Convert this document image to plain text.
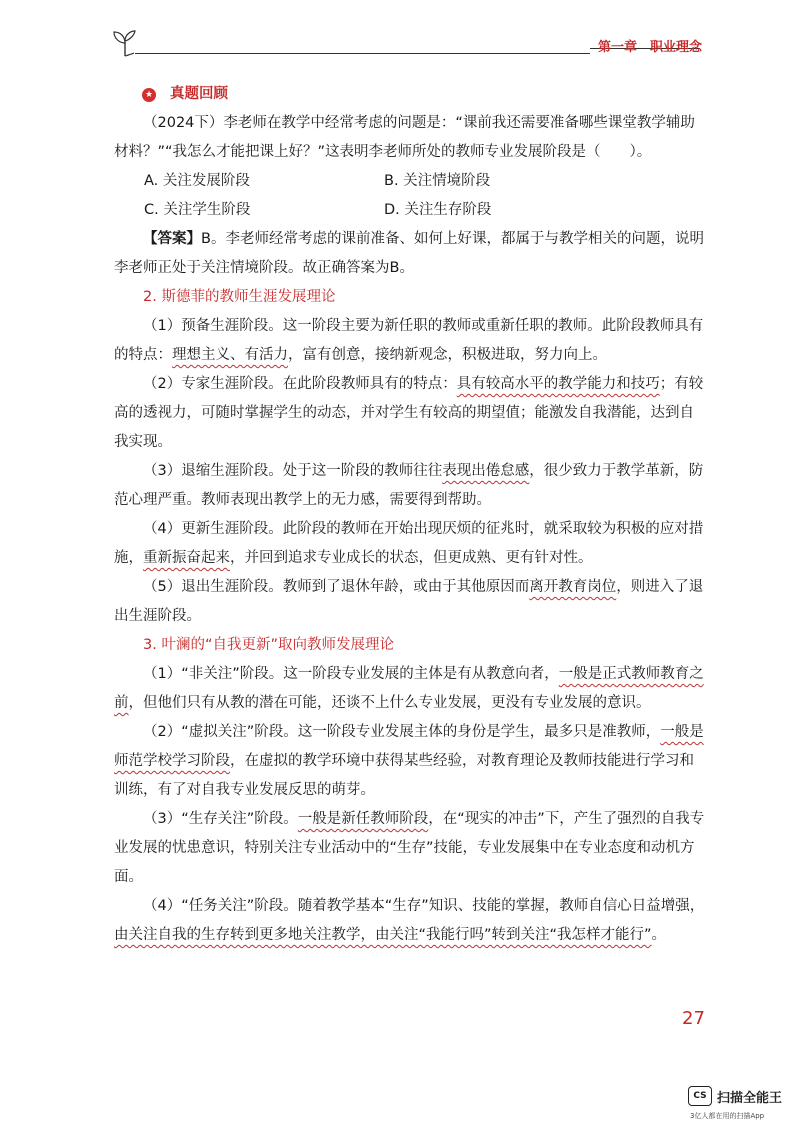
第一章　职业理念
★ 真题回顾

（2024下）李老师在教学中经常考虑的问题是：“课前我还需要准备哪些课堂教学辅助材料？”“我怎么才能把课上好？”这表明李老师所处的教师专业发展阶段是（　　）。

A. 关注发展阶段	B. 关注情境阶段
C. 关注学生阶段	D. 关注生存阶段

【答案】B。李老师经常考虑的课前准备、如何上好课，都属于与教学相关的问题，说明李老师正处于关注情境阶段。故正确答案为B。

2. 斯德菲的教师生涯发展理论

（1）预备生涯阶段。这一阶段主要为新任职的教师或重新任职的教师。此阶段教师具有的特点：理想主义、有活力，富有创意，接纳新观念，积极进取，努力向上。

（2）专家生涯阶段。在此阶段教师具有的特点：具有较高水平的教学能力和技巧；有较高的透视力，可随时掌握学生的动态，并对学生有较高的期望值；能激发自我潜能，达到自我实现。

（3）退缩生涯阶段。处于这一阶段的教师往往表现出倦怠感，很少致力于教学革新，防范心理严重。教师表现出教学上的无力感，需要得到帮助。

（4）更新生涯阶段。此阶段的教师在开始出现厌烦的征兆时，就采取较为积极的应对措施，重新振奋起来，并回到追求专业成长的状态，但更成熟、更有针对性。

（5）退出生涯阶段。教师到了退休年龄，或由于其他原因而离开教育岗位，则进入了退出生涯阶段。

3. 叶澜的“自我更新”取向教师发展理论

（1）“非关注”阶段。这一阶段专业发展的主体是有从教意向者，一般是正式教师教育之前，但他们只有从教的潜在可能，还谈不上什么专业发展，更没有专业发展的意识。

（2）“虚拟关注”阶段。这一阶段专业发展主体的身份是学生，最多只是准教师，一般是师范学校学习阶段，在虚拟的教学环境中获得某些经验，对教育理论及教师技能进行学习和训练，有了对自我专业发展反思的萌芽。

（3）“生存关注”阶段。一般是新任教师阶段，在“现实的冲击”下，产生了强烈的自我专业发展的忧患意识，特别关注专业活动中的“生存”技能，专业发展集中在专业态度和动机方面。

（4）“任务关注”阶段。随着教学基本“生存”知识、技能的掌握，教师自信心日益增强，由关注自我的生存转到更多地关注教学，由关注“我能行吗”转到关注“我怎样才能行”。

27
CS 扫描全能王
3亿人都在用的扫描App
